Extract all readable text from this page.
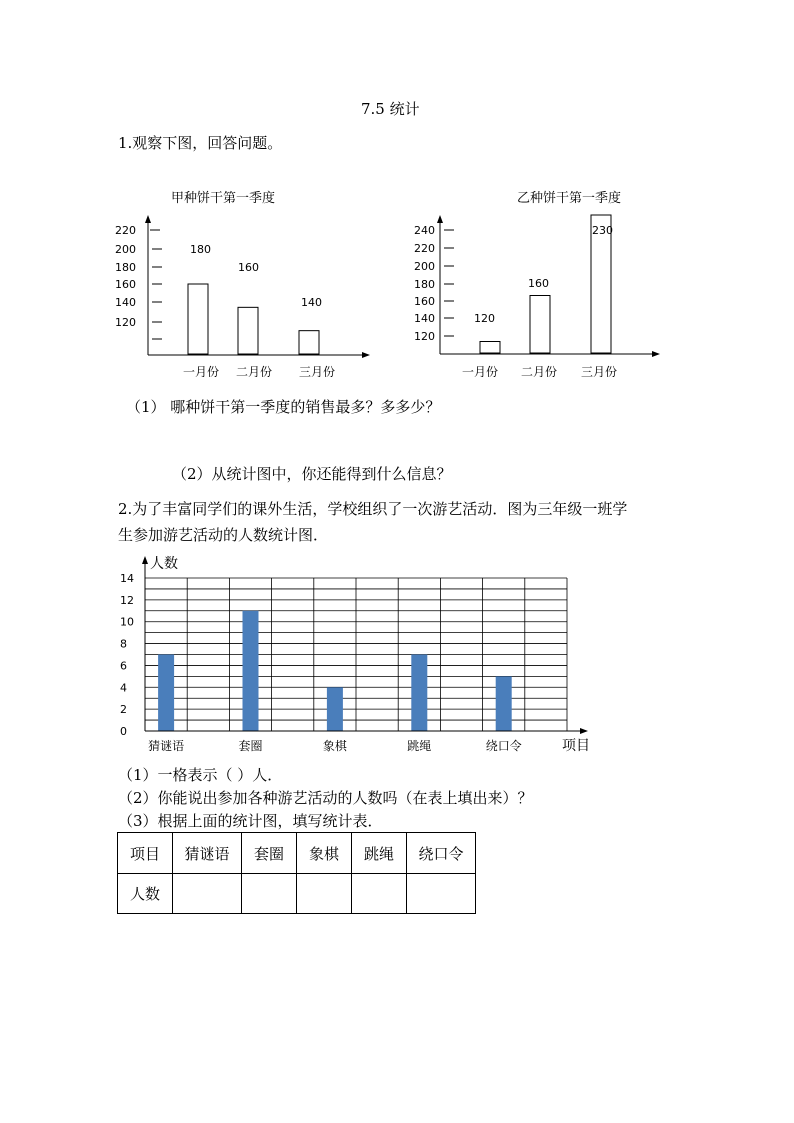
7.5 统计
1.观察下图，回答问题。
甲种饼干第一季度
220
200
180
160
140
120
180
160
140
一月份 二月份 三月份
乙种饼干第一季度
240
220
200
180
160
140
120
120
160
230
一月份 二月份 三月份
（1） 哪种饼干第一季度的销售最多？多多少？
（2）从统计图中，你还能得到什么信息？
2.为了丰富同学们的课外生活，学校组织了一次游艺活动．图为三年级一班学
生参加游艺活动的人数统计图．
0
2
4
6
8
10
12
14
猜谜语	套圈	象棋	跳绳	绕口令
人数
项目
（1）一格表示（ ）人．
（2）你能说出参加各种游艺活动的人数吗（在表上填出来）？
（3）根据上面的统计图，填写统计表．
项目	猜谜语	套圈	象棋	跳绳	绕口令
人数					
